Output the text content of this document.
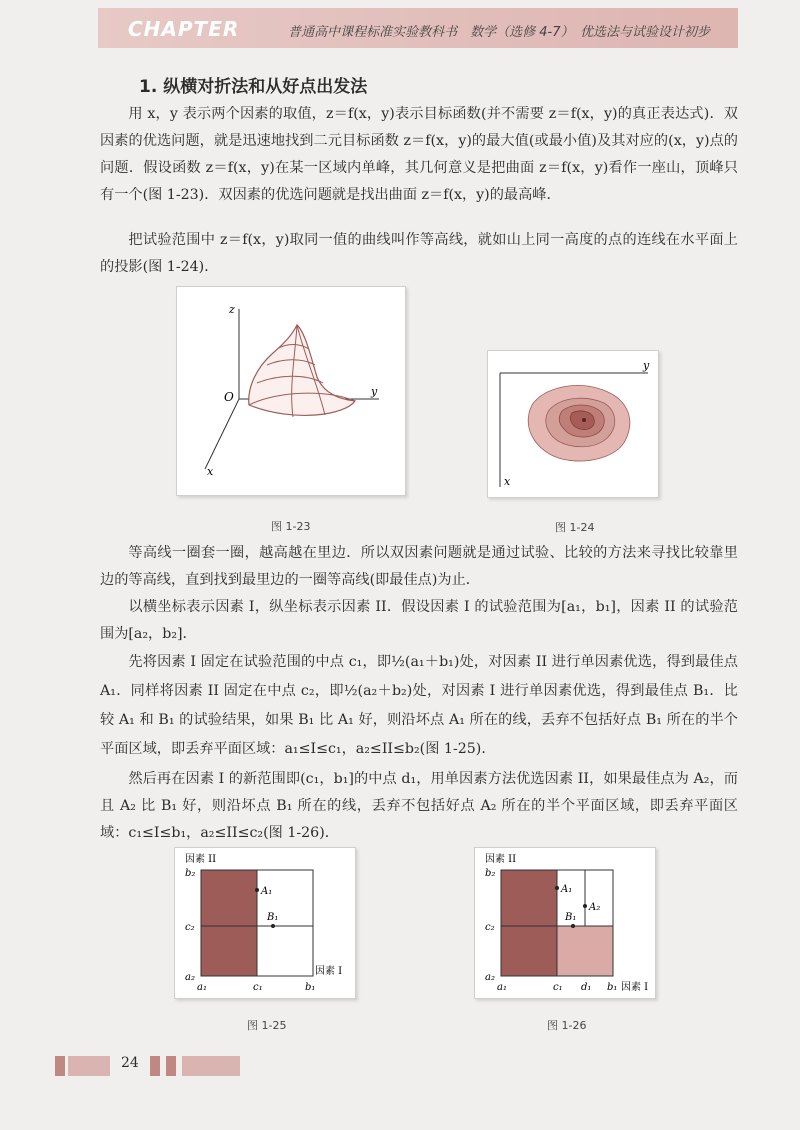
CHAPTER	普通高中课程标准实验教科书　数学（选修 4-7）　优选法与试验设计初步
1. 纵横对折法和从好点出发法

用 x，y 表示两个因素的取值，z＝f(x，y)表示目标函数(并不需要 z＝f(x，y)的真正表达式)．双因素的优选问题，就是迅速地找到二元目标函数 z＝f(x，y)的最大值(或最小值)及其对应的(x，y)点的问题．假设函数 z＝f(x，y)在某一区域内单峰，其几何意义是把曲面 z＝f(x，y)看作一座山，顶峰只有一个(图 1-23)．双因素的优选问题就是找出曲面 z＝f(x，y)的最高峰．

把试验范围中 z＝f(x，y)取同一值的曲线叫作等高线，就如山上同一高度的点的连线在水平面上的投影(图 1-24)．

z
O	y
x
图 1-23
y
x
图 1-24

等高线一圈套一圈，越高越在里边．所以双因素问题就是通过试验、比较的方法来寻找比较靠里边的等高线，直到找到最里边的一圈等高线(即最佳点)为止．

以横坐标表示因素 I，纵坐标表示因素 II．假设因素 I 的试验范围为[a₁，b₁]，因素 II 的试验范围为[a₂，b₂]．

先将因素 I 固定在试验范围的中点 c₁，即½(a₁＋b₁)处，对因素 II 进行单因素优选，得到最佳点 A₁．同样将因素 II 固定在中点 c₂，即½(a₂＋b₂)处，对因素 I 进行单因素优选，得到最佳点 B₁．比较 A₁ 和 B₁ 的试验结果，如果 B₁ 比 A₁ 好，则沿坏点 A₁ 所在的线，丢弃不包括好点 B₁ 所在的半个平面区域，即丢弃平面区域：a₁≤I≤c₁，a₂≤II≤b₂(图 1-25)．

然后再在因素 I 的新范围即(c₁，b₁]的中点 d₁，用单因素方法优选因素 II，如果最佳点为 A₂，而且 A₂ 比 B₁ 好，则沿坏点 B₁ 所在的线，丢弃不包括好点 A₂ 所在的半个平面区域，即丢弃平面区域：c₁≤I≤b₁，a₂≤II≤c₂(图 1-26)．

因素 II
b₂
c₂
a₂
a₁	c₁	b₁
因素 I
A₁
B₁
图 1-25
因素 II
b₂
c₂
a₂
a₁	c₁ d₁ b₁ 因素 I
A₁
A₂
B₁
图 1-26
24
